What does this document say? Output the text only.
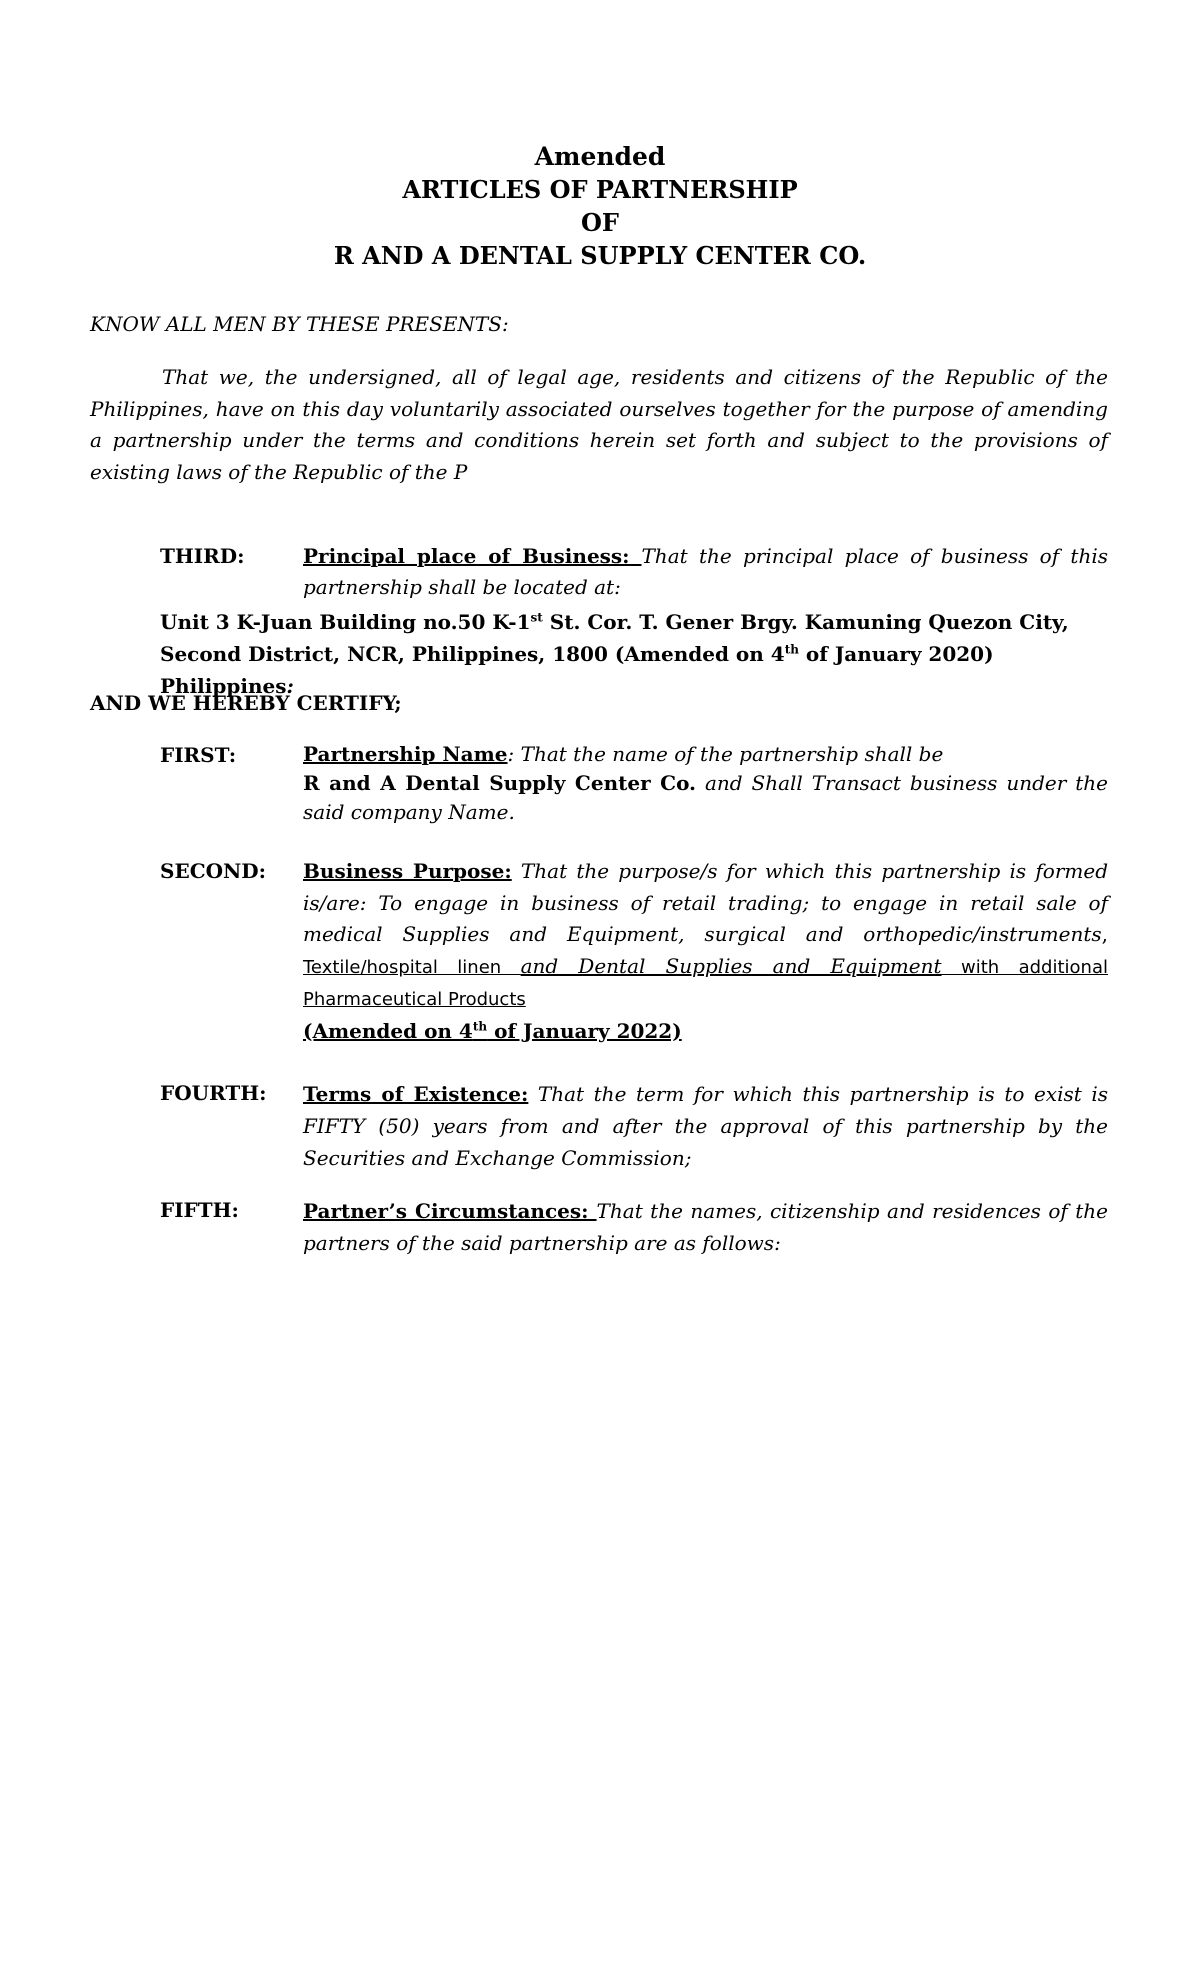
Amended
ARTICLES OF PARTNERSHIP
OF
R AND A DENTAL SUPPLY CENTER CO.
KNOW ALL MEN BY THESE PRESENTS:

That we, the undersigned, all of legal age, residents and citizens of the Republic of the Philippines, have on this day voluntarily associated ourselves together for the purpose of amending a partnership under the terms and conditions herein set forth and subject to the provisions of existing laws of the Republic of the P

THIRD:	Principal place of Business: That the principal place of business of this partnership shall be located at:

Unit 3 K-Juan Building no.50 K-1st St. Cor. T. Gener Brgy. Kamuning Quezon City, Second District, NCR, Philippines, 1800 (Amended on 4th of January 2020) Philippines:

AND WE HEREBY CERTIFY;
FIRST:	Partnership Name: That the name of the partnership shall be
R and A Dental Supply Center Co. and Shall Transact business under the said company Name.

SECOND: Business Purpose: That the purpose/s for which this partnership is formed is/are: To engage in business of retail trading; to engage in retail sale of medical Supplies and Equipment, surgical and orthopedic/instruments, Textile/hospital linen and Dental Supplies and Equipment with additional Pharmaceutical Products
(Amended on 4th of January 2022)

FOURTH: Terms of Existence: That the term for which this partnership is to exist is FIFTY (50) years from and after the approval of this partnership by the Securities and Exchange Commission;

FIFTH:	Partner’s Circumstances: That the names, citizenship and residences of the partners of the said partnership are as follows:
